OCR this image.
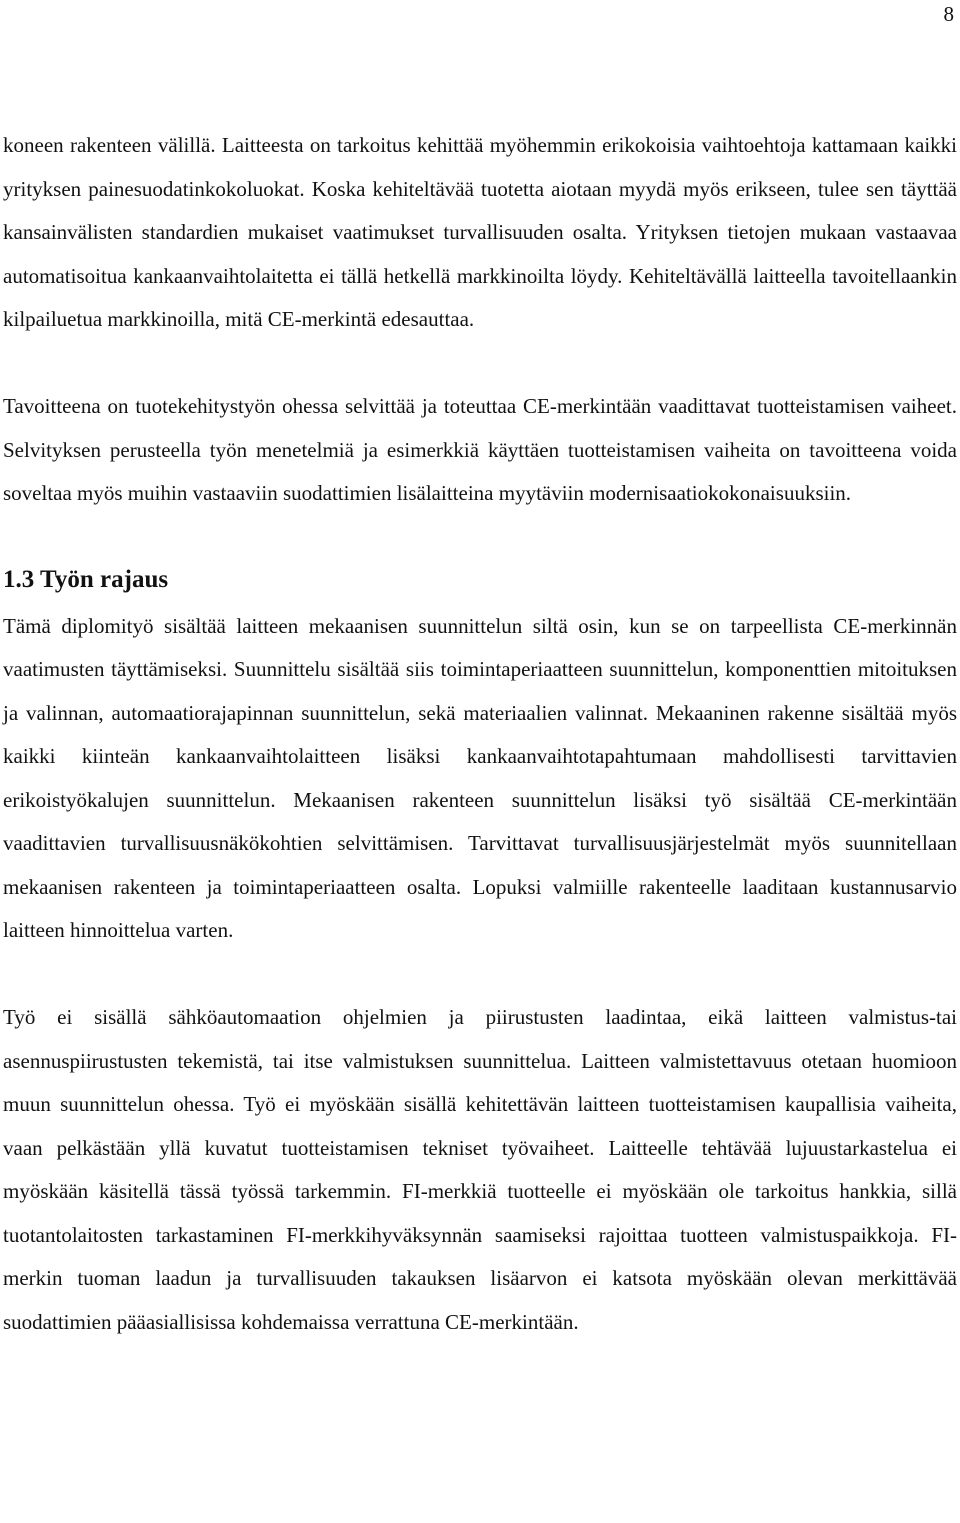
8

koneen rakenteen välillä. Laitteesta on tarkoitus kehittää myöhemmin erikokoisia vaihtoehtoja kattamaan kaikki yrityksen painesuodatinkokoluokat. Koska kehiteltävää tuotetta aiotaan myydä myös erikseen, tulee sen täyttää kansainvälisten standardien mukaiset vaatimukset turvallisuuden osalta. Yrityksen tietojen mukaan vastaavaa automatisoitua kankaanvaihtolaitetta ei tällä hetkellä markkinoilta löydy. Kehiteltävällä laitteella tavoitellaankin kilpailuetua markkinoilla, mitä CE-merkintä edesauttaa.

Tavoitteena on tuotekehitystyön ohessa selvittää ja toteuttaa CE-merkintään vaadittavat tuotteistamisen vaiheet. Selvityksen perusteella työn menetelmiä ja esimerkkiä käyttäen tuotteistamisen vaiheita on tavoitteena voida soveltaa myös muihin vastaaviin suodattimien lisälaitteina myytäviin modernisaatiokokonaisuuksiin.

1.3 Työn rajaus

Tämä diplomityö sisältää laitteen mekaanisen suunnittelun siltä osin, kun se on tarpeellista CE-merkinnän vaatimusten täyttämiseksi. Suunnittelu sisältää siis toimintaperiaatteen suunnittelun, komponenttien mitoituksen ja valinnan, automaatiorajapinnan suunnittelun, sekä materiaalien valinnat. Mekaaninen rakenne sisältää myös kaikki kiinteän kankaanvaihtolaitteen lisäksi kankaanvaihtotapahtumaan mahdollisesti tarvittavien erikoistyökalujen suunnittelun. Mekaanisen rakenteen suunnittelun lisäksi työ sisältää CE-merkintään vaadittavien turvallisuusnäkökohtien selvittämisen. Tarvittavat turvallisuusjärjestelmät myös suunnitellaan mekaanisen rakenteen ja toimintaperiaatteen osalta. Lopuksi valmiille rakenteelle laaditaan kustannusarvio laitteen hinnoittelua varten.

Työ ei sisällä sähköautomaation ohjelmien ja piirustusten laadintaa, eikä laitteen valmistus-tai asennuspiirustusten tekemistä, tai itse valmistuksen suunnittelua. Laitteen valmistettavuus otetaan huomioon muun suunnittelun ohessa. Työ ei myöskään sisällä kehitettävän laitteen tuotteistamisen kaupallisia vaiheita, vaan pelkästään yllä kuvatut tuotteistamisen tekniset työvaiheet. Laitteelle tehtävää lujuustarkastelua ei myöskään käsitellä tässä työssä tarkemmin. FI-merkkiä tuotteelle ei myöskään ole tarkoitus hankkia, sillä tuotantolaitosten tarkastaminen FI-merkkihyväksynnän saamiseksi rajoittaa tuotteen valmistuspaikkoja. FI-merkin tuoman laadun ja turvallisuuden takauksen lisäarvon ei katsota myöskään olevan merkittävää suodattimien pääasiallisissa kohdemaissa verrattuna CE-merkintään.
